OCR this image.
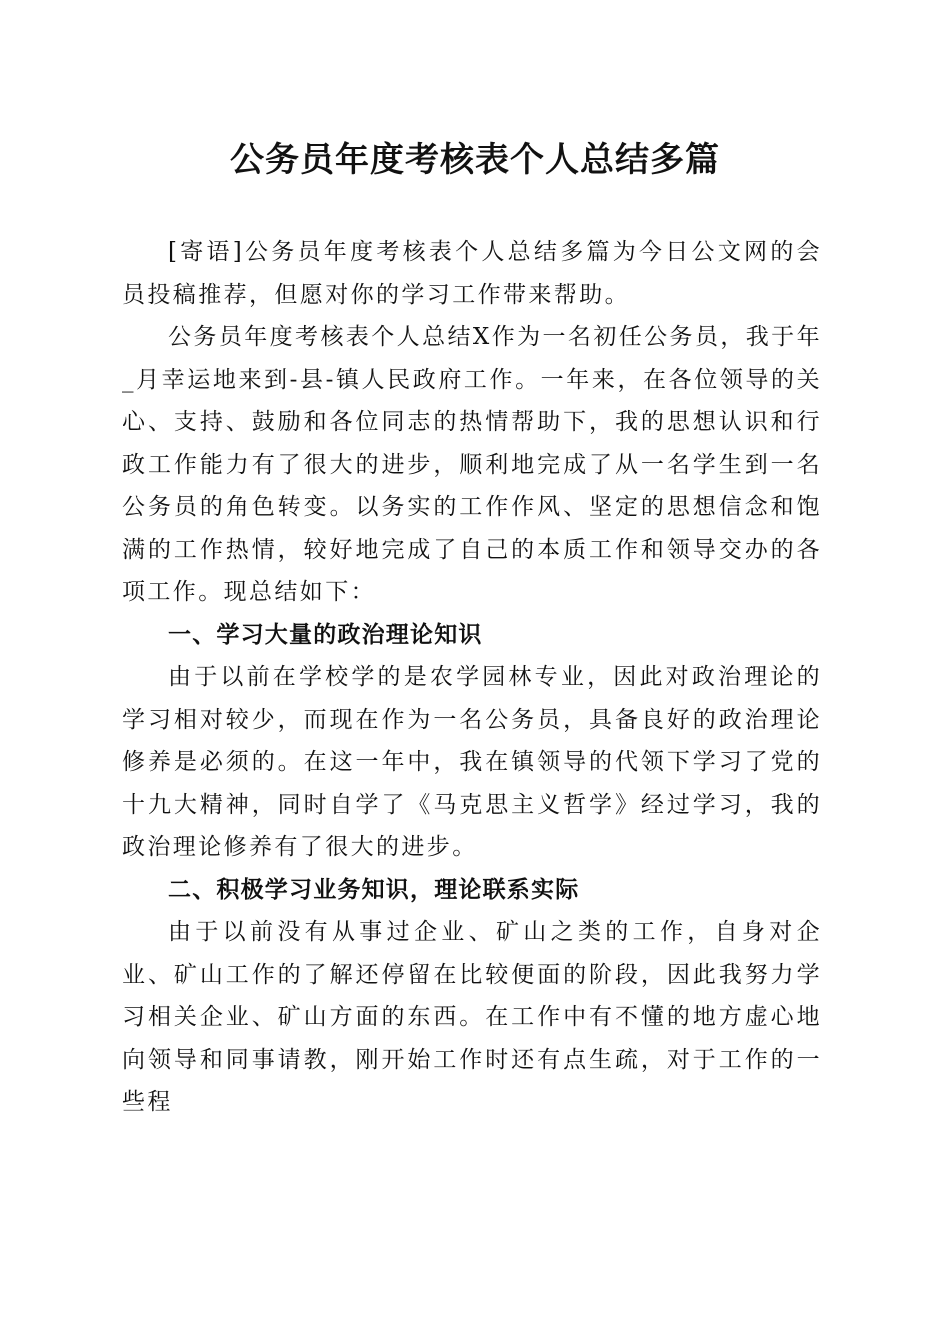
公务员年度考核表个人总结多篇

[寄语]公务员年度考核表个人总结多篇为今日公文网的会员投稿推荐，但愿对你的学习工作带来帮助。

公务员年度考核表个人总结X作为一名初任公务员，我于年_月幸运地来到-县-镇人民政府工作。一年来，在各位领导的关心、支持、鼓励和各位同志的热情帮助下，我的思想认识和行政工作能力有了很大的进步，顺利地完成了从一名学生到一名公务员的角色转变。以务实的工作作风、坚定的思想信念和饱满的工作热情，较好地完成了自己的本质工作和领导交办的各项工作。现总结如下：

一、学习大量的政治理论知识

由于以前在学校学的是农学园林专业，因此对政治理论的学习相对较少，而现在作为一名公务员，具备良好的政治理论修养是必须的。在这一年中，我在镇领导的代领下学习了党的十九大精神，同时自学了《马克思主义哲学》经过学习，我的政治理论修养有了很大的进步。

二、积极学习业务知识，理论联系实际

由于以前没有从事过企业、矿山之类的工作，自身对企业、矿山工作的了解还停留在比较便面的阶段，因此我努力学习相关企业、矿山方面的东西。在工作中有不懂的地方虚心地向领导和同事请教，刚开始工作时还有点生疏，对于工作的一些程
